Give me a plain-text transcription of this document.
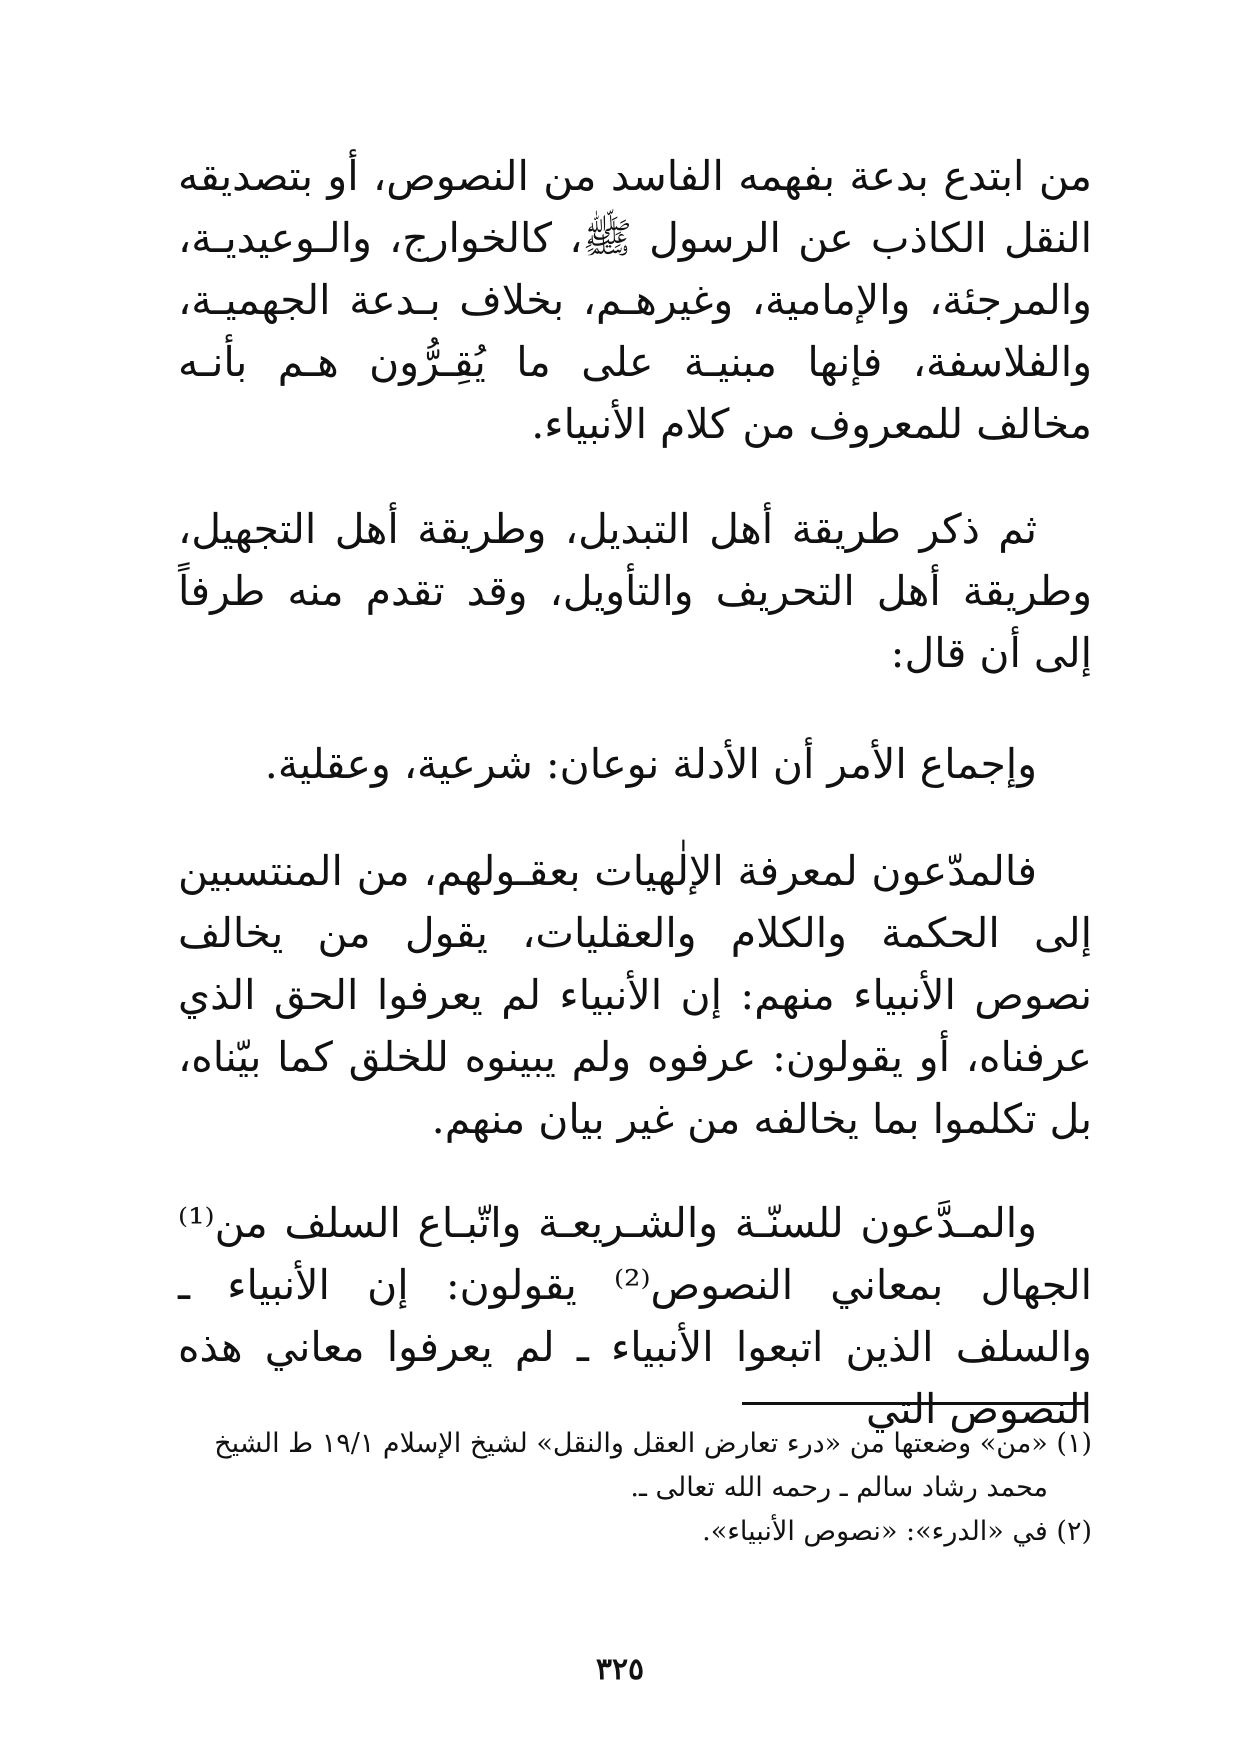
من ابتدع بدعة بفهمه الفاسد من النصوص، أو بتصديقه النقل الكاذب عن الرسول ﷺ، كالخوارج، والـوعيديـة، والمرجئة، والإمامية، وغيرهـم، بخلاف بـدعة الجهميـة، والفلاسفة، فإنها مبنيـة على ما يُقِـرُّون هـم بأنـه مخالف للمعروف من كلام الأنبياء.

ثم ذكر طريقة أهل التبديل، وطريقة أهل التجهيل، وطريقة أهل التحريف والتأويل، وقد تقدم منه طرفاً إلى أن قال:

وإجماع الأمر أن الأدلة نوعان: شرعية، وعقلية.

فالمدّعون لمعرفة الإلٰهيات بعقـولهم، من المنتسبين إلى الحكمة والكلام والعقليات، يقول من يخالف نصوص الأنبياء منهم: إن الأنبياء لم يعرفوا الحق الذي عرفناه، أو يقولون: عرفوه ولم يبينوه للخلق كما بيّناه، بل تكلموا بما يخالفه من غير بيان منهم.

والمـدَّعون للسنّـة والشـريعـة واتّبـاع السلف من⁽¹⁾ الجهال بمعاني النصوص⁽²⁾ يقولون: إن الأنبياء ـ والسلف الذين اتبعوا الأنبياء ـ لم يعرفوا معاني هذه النصوص التي

(١) «من» وضعتها من «درء تعارض العقل والنقل» لشيخ الإسلام ١٩/١ ط الشيخ محمد رشاد سالم ـ رحمه الله تعالى ـ.

(٢) في «الدرء»: «نصوص الأنبياء».

٣٢٥
